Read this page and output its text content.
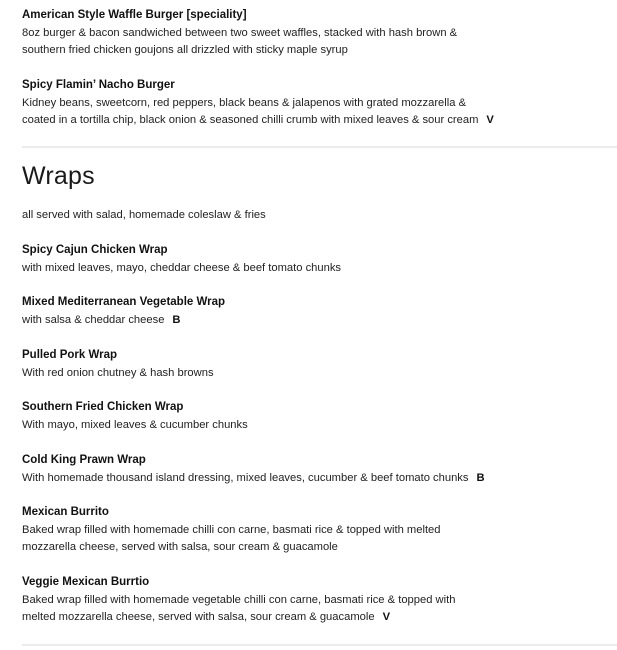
American Style Waffle Burger [speciality]
8oz burger & bacon sandwiched between two sweet waffles, stacked with hash brown &
southern fried chicken goujons all drizzled with sticky maple syrup
Spicy Flamin’ Nacho Burger
Kidney beans, sweetcorn, red peppers, black beans & jalapenos with grated mozzarella &
coated in a tortilla chip, black onion & seasoned chilli crumb with mixed leaves & sour cream V
Wraps
all served with salad, homemade coleslaw & fries
Spicy Cajun Chicken Wrap
with mixed leaves, mayo, cheddar cheese & beef tomato chunks
Mixed Mediterranean Vegetable Wrap
with salsa & cheddar cheese B
Pulled Pork Wrap
With red onion chutney & hash browns
Southern Fried Chicken Wrap
With mayo, mixed leaves & cucumber chunks
Cold King Prawn Wrap
With homemade thousand island dressing, mixed leaves, cucumber & beef tomato chunks B
Mexican Burrito
Baked wrap filled with homemade chilli con carne, basmati rice & topped with melted
mozzarella cheese, served with salsa, sour cream & guacamole
Veggie Mexican Burrtio
Baked wrap filled with homemade vegetable chilli con carne, basmati rice & topped with
melted mozzarella cheese, served with salsa, sour cream & guacamole V
